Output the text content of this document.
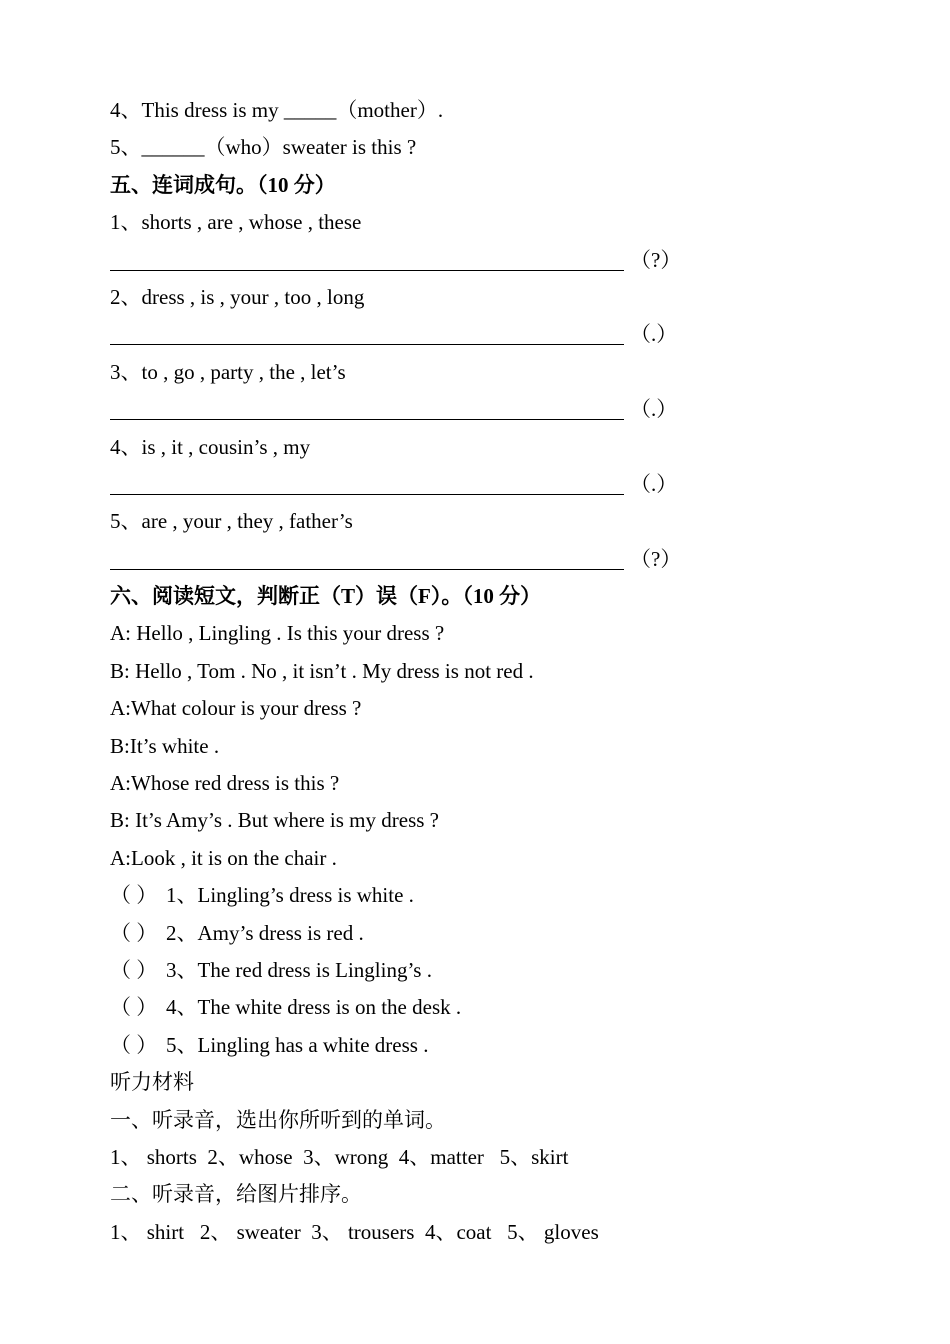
4、This dress is my _____（mother）.
5、______（who）sweater is this ?
五、连词成句。（10 分）
1、shorts , are , whose , these
（?）
2、dress , is , your , too , long
（.）
3、to , go , party , the , let’s
（.）
4、is , it , cousin’s , my
（.）
5、are , your , they , father’s
（?）
六、阅读短文，判断正（T）误（F）。（10 分）
A: Hello , Lingling . Is this your dress ?
B: Hello , Tom . No , it isn’t . My dress is not red .
A:What colour is your dress ?
B:It’s white .
A:Whose red dress is this ?
B: It’s Amy’s . But where is my dress ?
A:Look , it is on the chair .
（ ） 1、Lingling’s dress is white .
（ ） 2、Amy’s dress is red .
（ ） 3、The red dress is Lingling’s .
（ ） 4、The white dress is on the desk .
（ ） 5、Lingling has a white dress .
听力材料
一、听录音，选出你所听到的单词。
1、 shorts  2、whose  3、wrong  4、matter   5、skirt
二、听录音，给图片排序。
1、 shirt   2、 sweater  3、 trousers  4、coat   5、 gloves
